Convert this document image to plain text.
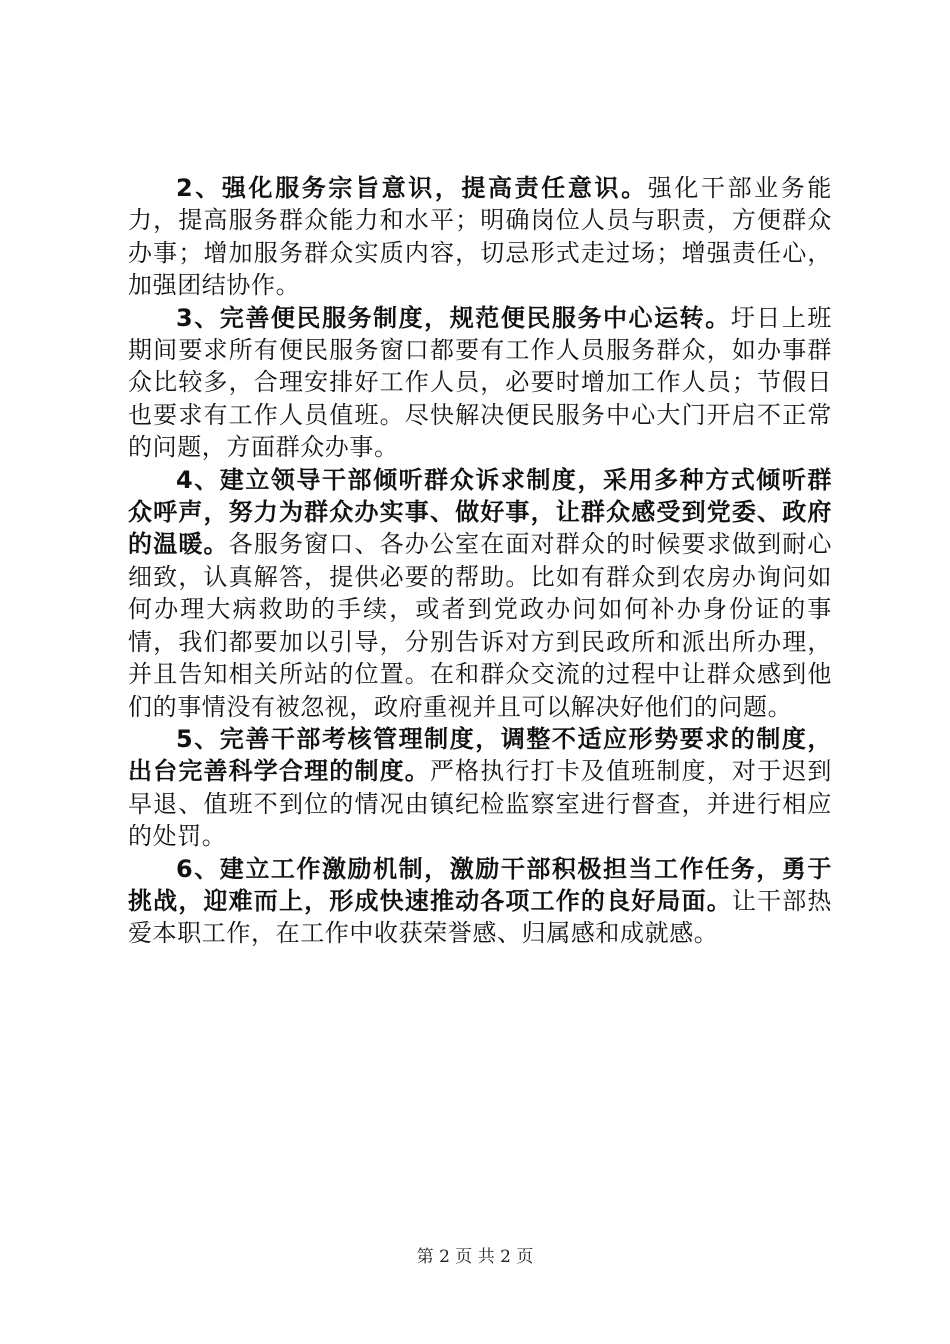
2、强化服务宗旨意识，提高责任意识。强化干部业务能力，提高服务群众能力和水平；明确岗位人员与职责，方便群众办事；增加服务群众实质内容，切忌形式走过场；增强责任心，加强团结协作。

3、完善便民服务制度，规范便民服务中心运转。圩日上班期间要求所有便民服务窗口都要有工作人员服务群众，如办事群众比较多，合理安排好工作人员，必要时增加工作人员；节假日也要求有工作人员值班。尽快解决便民服务中心大门开启不正常的问题，方面群众办事。

4、建立领导干部倾听群众诉求制度，采用多种方式倾听群众呼声，努力为群众办实事、做好事，让群众感受到党委、政府的温暖。各服务窗口、各办公室在面对群众的时候要求做到耐心细致，认真解答，提供必要的帮助。比如有群众到农房办询问如何办理大病救助的手续，或者到党政办问如何补办身份证的事情，我们都要加以引导，分别告诉对方到民政所和派出所办理，并且告知相关所站的位置。在和群众交流的过程中让群众感到他们的事情没有被忽视，政府重视并且可以解决好他们的问题。

5、完善干部考核管理制度，调整不适应形势要求的制度，出台完善科学合理的制度。严格执行打卡及值班制度，对于迟到早退、值班不到位的情况由镇纪检监察室进行督查，并进行相应的处罚。

6、建立工作激励机制，激励干部积极担当工作任务，勇于挑战，迎难而上，形成快速推动各项工作的良好局面。让干部热爱本职工作，在工作中收获荣誉感、归属感和成就感。

第 2 页 共 2 页
